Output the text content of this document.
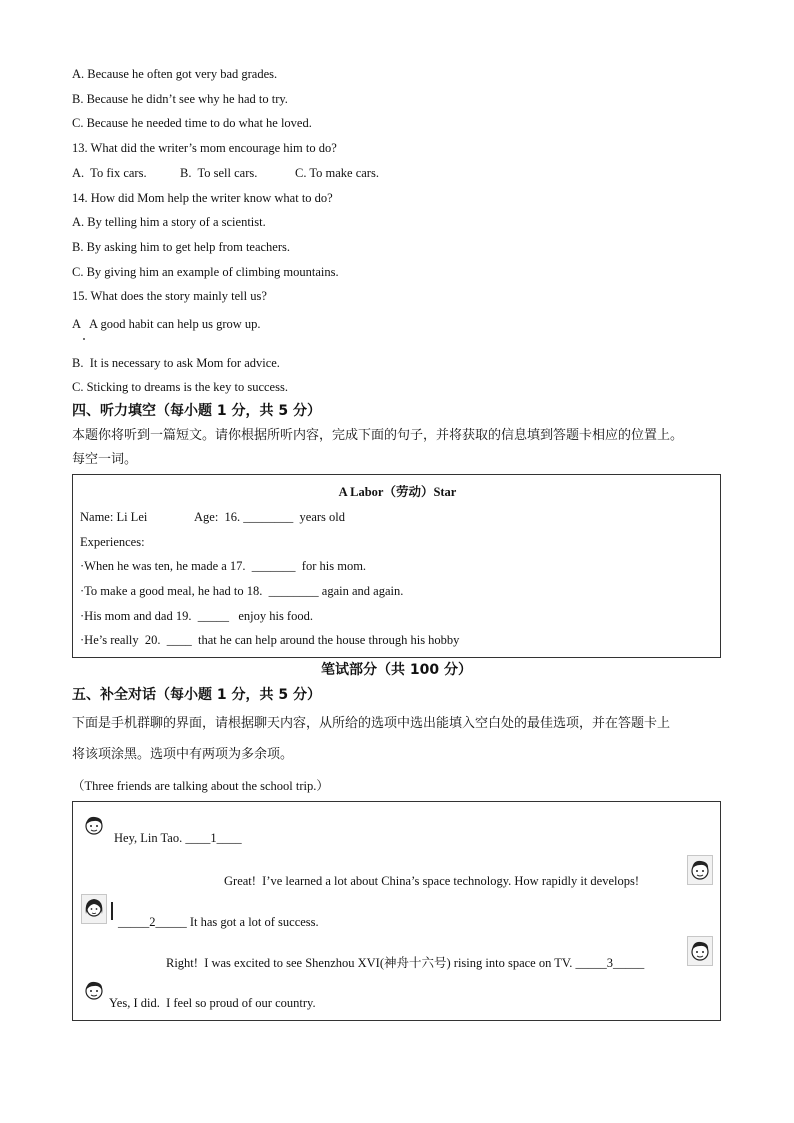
A. Because he often got very bad grades.
B. Because he didn’t see why he had to try.
C. Because he needed time to do what he loved.
13. What did the writer’s mom encourage him to do?
A.  To fix cars.	B.  To sell cars.	C. To make cars.
14. How did Mom help the writer know what to do?
A. By telling him a story of a scientist.
B. By asking him to get help from teachers.
C. By giving him an example of climbing mountains.
15. What does the story mainly tell us?
A   A good habit can help us grow up.
B.  It is necessary to ask Mom for advice.
C. Sticking to dreams is the key to success.
四、听力填空（每小题 1 分，共 5 分）
本题你将听到一篇短文。请你根据所听内容，完成下面的句子，并将获取的信息填到答题卡相应的位置上。
每空一词。
A Labor（劳动）Star
Name: Li Lei	Age:  16. ________  years old
Experiences:
·When he was ten, he made a 17.  _______  for his mom.
·To make a good meal, he had to 18.  ________ again and again.
·His mom and dad 19.  _____   enjoy his food.
·He’s really  20.  ____  that he can help around the house through his hobby
笔试部分（共 100 分）
五、补全对话（每小题 1 分，共 5 分）
下面是手机群聊的界面，请根据聊天内容，从所给的选项中选出能填入空白处的最佳选项，并在答题卡上
将该项涂黑。选项中有两项为多余项。
（Three friends are talking about the school trip.）
Hey, Lin Tao. ____1____
Great!  I’ve learned a lot about China’s space technology. How rapidly it develops!
_____2_____ It has got a lot of success.
Right!  I was excited to see Shenzhou XVI(神舟十六号) rising into space on TV. _____3_____
Yes, I did.  I feel so proud of our country.
